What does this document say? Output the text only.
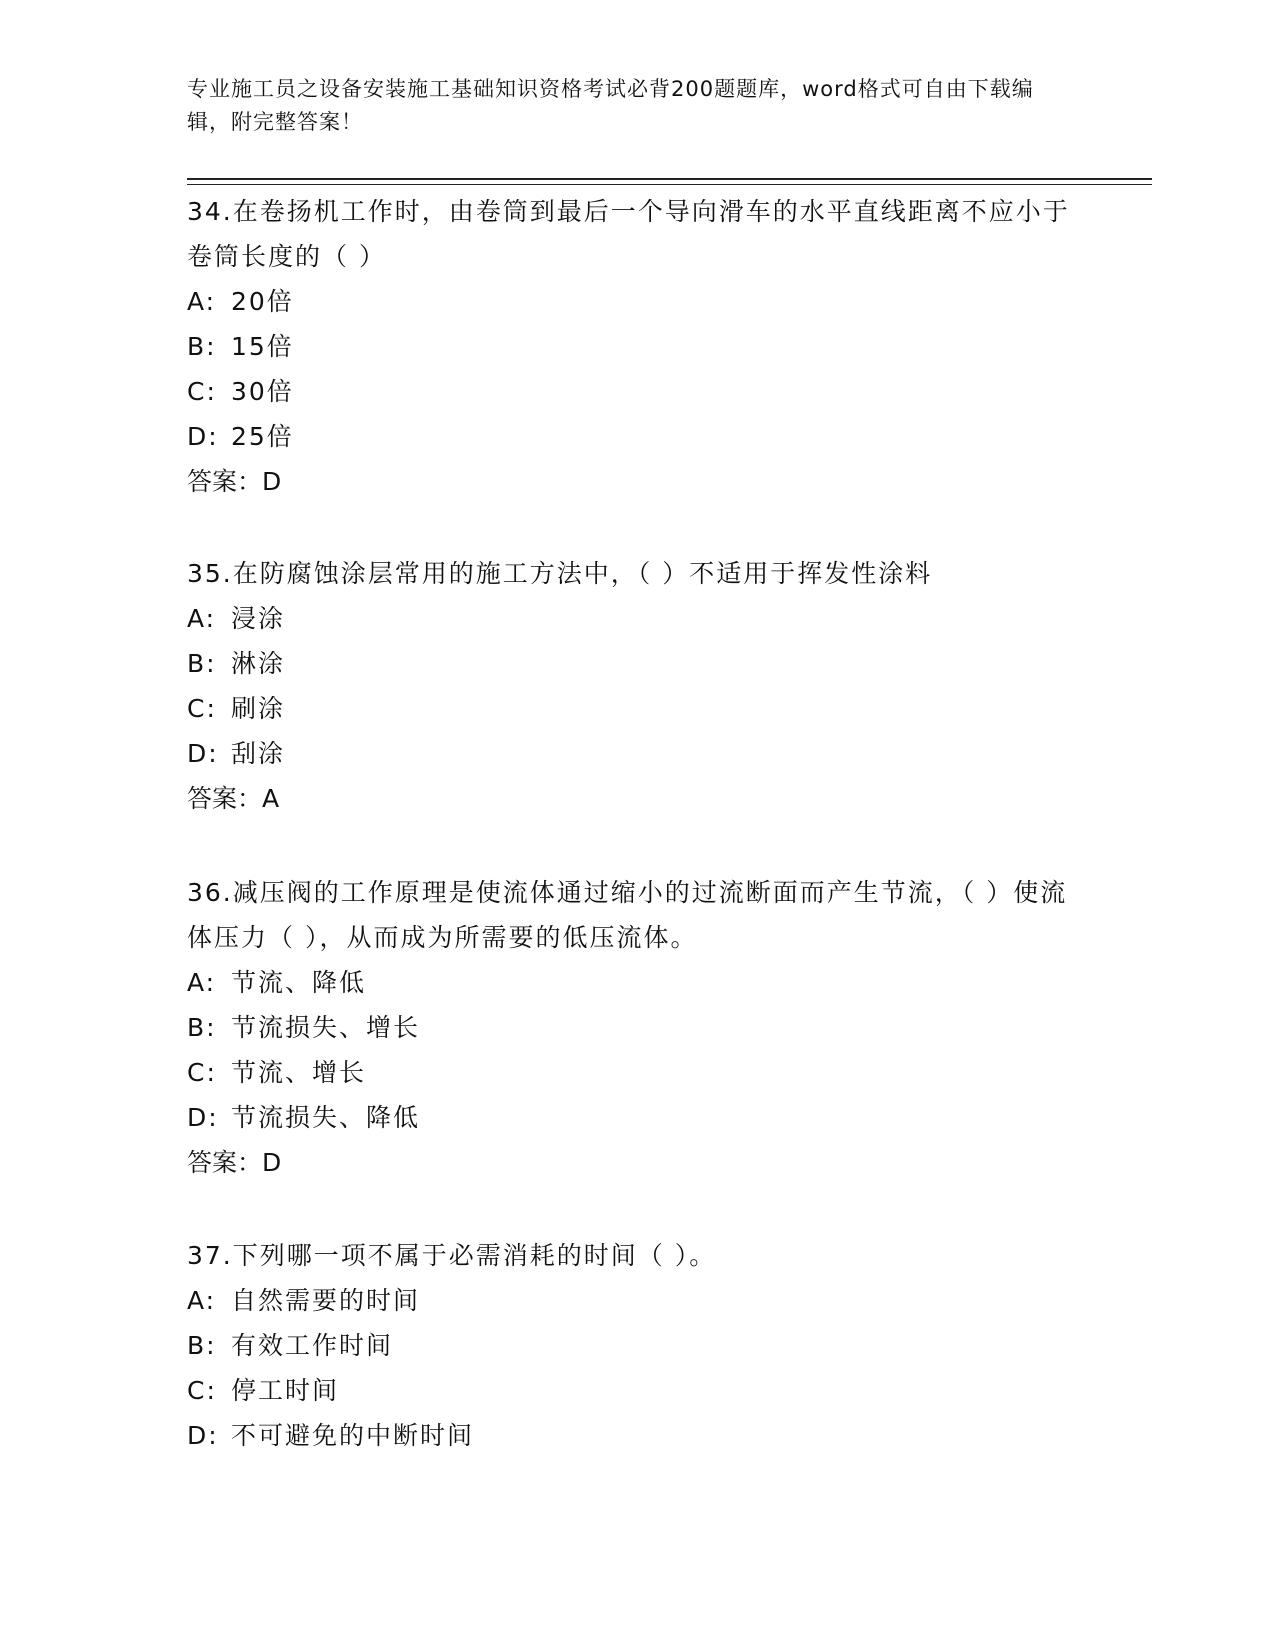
专业施工员之设备安装施工基础知识资格考试必背200题题库，word格式可自由下载编辑，附完整答案！
34.在卷扬机工作时，由卷筒到最后一个导向滑车的水平直线距离不应小于卷筒长度的（ ）
A: 20倍
B: 15倍
C: 30倍
D: 25倍
答案：D
35.在防腐蚀涂层常用的施工方法中，（ ）不适用于挥发性涂料
A: 浸涂
B: 淋涂
C: 刷涂
D: 刮涂
答案：A
36.减压阀的工作原理是使流体通过缩小的过流断面而产生节流，（ ）使流体压力（ ），从而成为所需要的低压流体。
A: 节流、降低
B: 节流损失、增长
C: 节流、增长
D: 节流损失、降低
答案：D
37.下列哪一项不属于必需消耗的时间（ ）。
A: 自然需要的时间
B: 有效工作时间
C: 停工时间
D: 不可避免的中断时间
